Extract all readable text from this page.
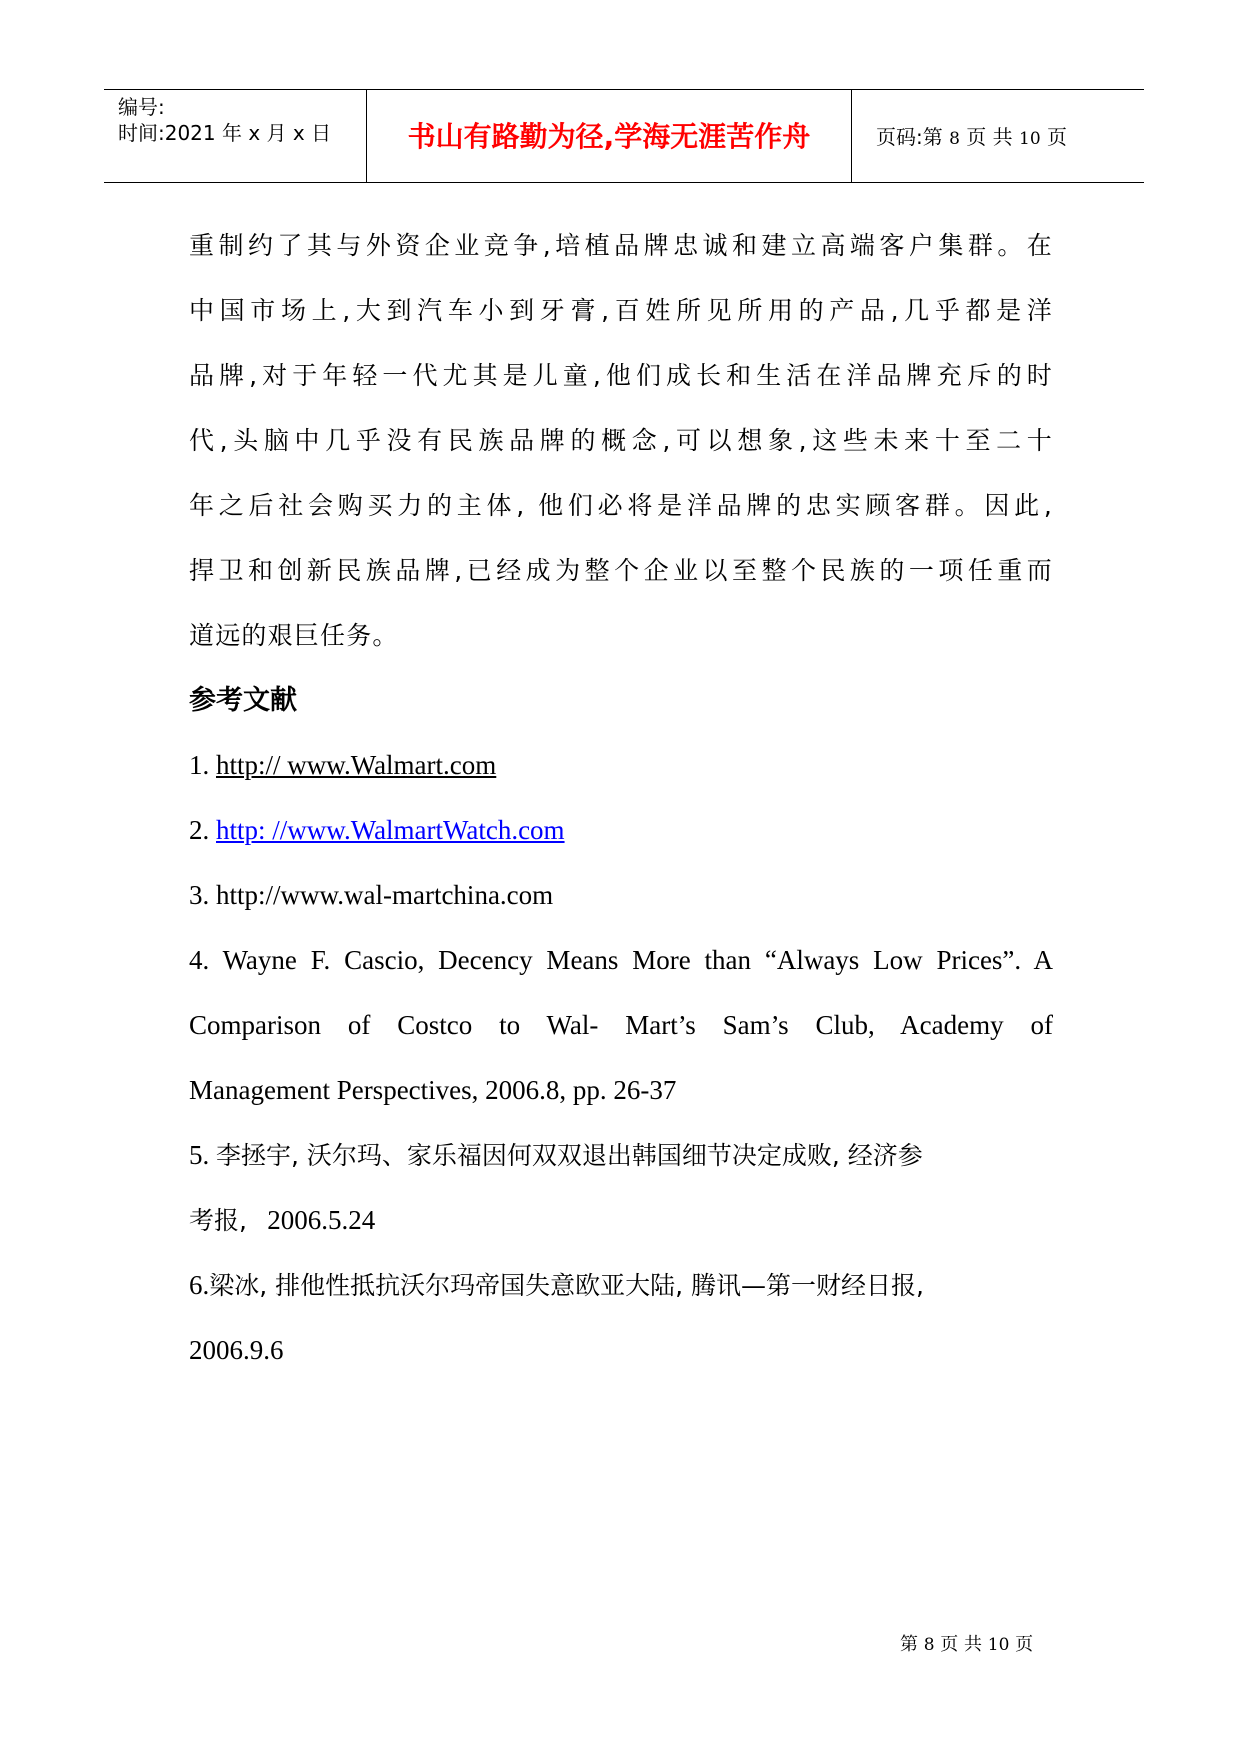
编号:
时间:2021 年 x 月 x 日	书山有路勤为径,学海无涯苦作舟	页码:第 8 页 共 10 页
重制约了其与外资企业竞争,培植品牌忠诚和建立高端客户集群。在
中国市场上,大到汽车小到牙膏,百姓所见所用的产品,几乎都是洋
品牌,对于年轻一代尤其是儿童,他们成长和生活在洋品牌充斥的时
代,头脑中几乎没有民族品牌的概念,可以想象,这些未来十至二十
年之后社会购买力的主体, 他们必将是洋品牌的忠实顾客群。因此,
捍卫和创新民族品牌,已经成为整个企业以至整个民族的一项任重而
道远的艰巨任务。
参考文献
1. http:// www.Walmart.com
2. http: //www.WalmartWatch.com
3. http://www.wal-martchina.com
4. Wayne F. Cascio, Decency Means More than “Always Low Prices”. A
Comparison of Costco to Wal- Mart’s Sam’s Club, Academy of
Management Perspectives, 2006.8, pp. 26-37
5. 李拯宇, 沃尔玛、家乐福因何双双退出韩国细节决定成败, 经济参
考报, 2006.5.24
6.梁冰, 排他性抵抗沃尔玛帝国失意欧亚大陆, 腾讯—第一财经日报,
2006.9.6
第 8 页 共 10 页
